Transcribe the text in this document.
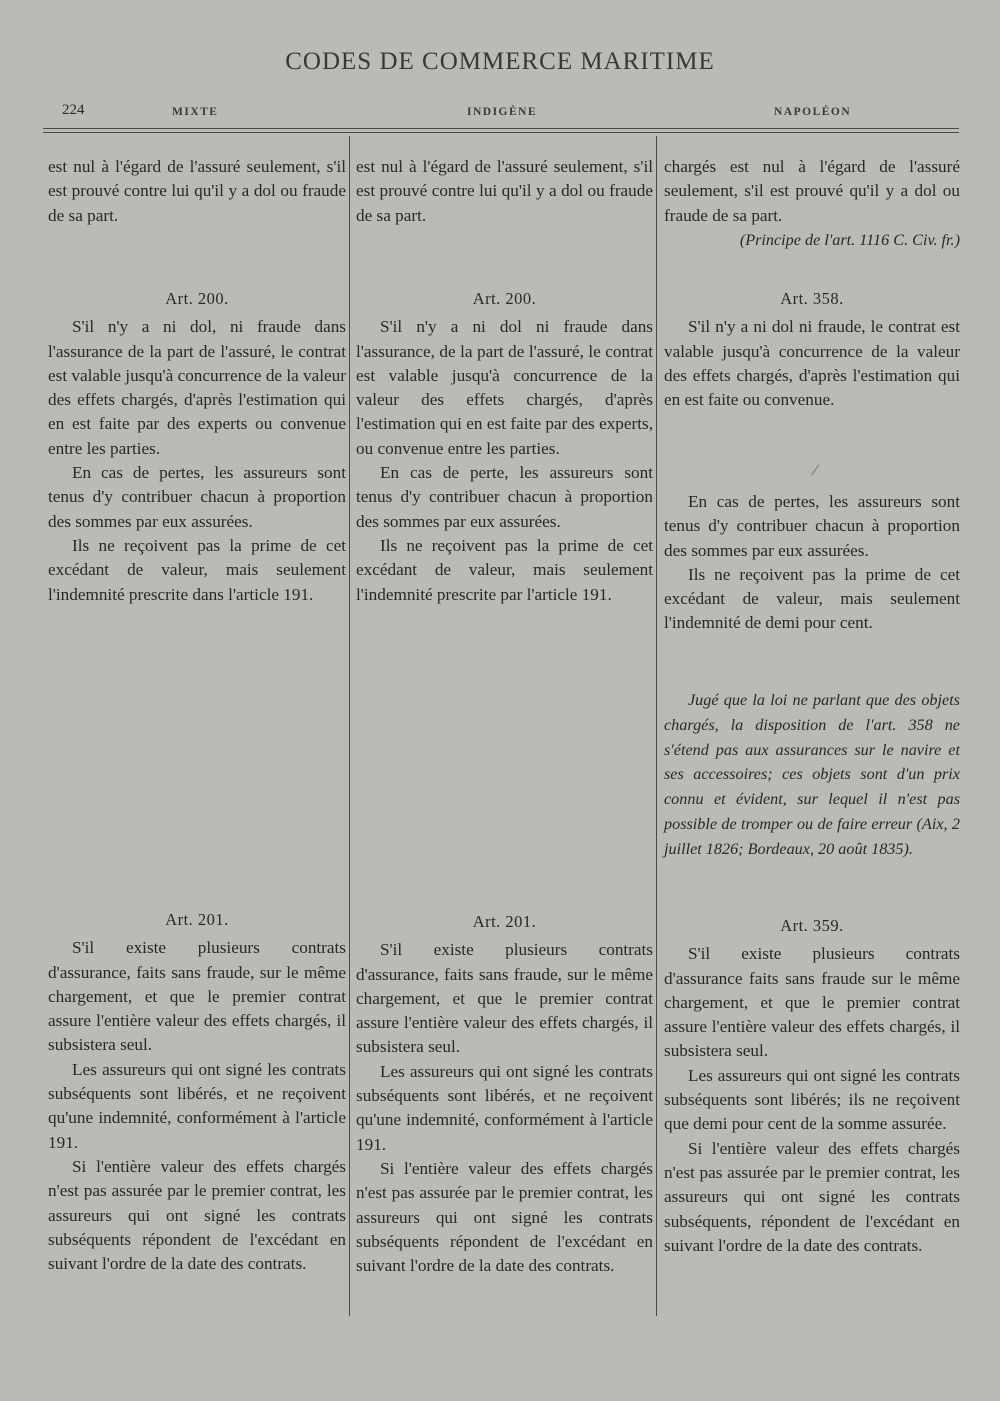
CODES DE COMMERCE MARITIME
224	MIXTE	INDIGÈNE	NAPOLÉON

est nul à l'égard de l'assuré seulement, s'il est prouvé contre lui qu'il y a dol ou fraude de sa part.

Art. 200.

S'il n'y a ni dol, ni fraude dans l'assurance de la part de l'assuré, le contrat est valable jusqu'à concurrence de la valeur des effets chargés, d'après l'estimation qui en est faite par des experts ou convenue entre les parties.

En cas de pertes, les assureurs sont tenus d'y contribuer chacun à proportion des sommes par eux assurées.

Ils ne reçoivent pas la prime de cet excédant de valeur, mais seulement l'indemnité prescrite dans l'article 191.

Art. 201.

S'il existe plusieurs contrats d'assurance, faits sans fraude, sur le même chargement, et que le premier contrat assure l'entière valeur des effets chargés, il subsistera seul.

Les assureurs qui ont signé les contrats subséquents sont libérés, et ne reçoivent qu'une indemnité, conformément à l'article 191.

Si l'entière valeur des effets chargés n'est pas assurée par le premier contrat, les assureurs qui ont signé les contrats subséquents répondent de l'excédant en suivant l'ordre de la date des contrats.

est nul à l'égard de l'assuré seulement, s'il est prouvé contre lui qu'il y a dol ou fraude de sa part.

Art. 200.

S'il n'y a ni dol ni fraude dans l'assurance, de la part de l'assuré, le contrat est valable jusqu'à concurrence de la valeur des effets chargés, d'après l'estimation qui en est faite par des experts, ou convenue entre les parties.

En cas de perte, les assureurs sont tenus d'y contribuer chacun à proportion des sommes par eux assurées.

Ils ne reçoivent pas la prime de cet excédant de valeur, mais seulement l'indemnité prescrite par l'article 191.

Art. 201.

S'il existe plusieurs contrats d'assurance, faits sans fraude, sur le même chargement, et que le premier contrat assure l'entière valeur des effets chargés, il subsistera seul.

Les assureurs qui ont signé les contrats subséquents sont libérés, et ne reçoivent qu'une indemnité, conformément à l'article 191.

Si l'entière valeur des effets chargés n'est pas assurée par le premier contrat, les assureurs qui ont signé les contrats subséquents répondent de l'excédant en suivant l'ordre de la date des contrats.

chargés est nul à l'égard de l'assuré seulement, s'il est prouvé qu'il y a dol ou fraude de sa part.

(Principe de l'art. 1116 C. Civ. fr.)

Art. 358.

S'il n'y a ni dol ni fraude, le contrat est valable jusqu'à concurrence de la valeur des effets chargés, d'après l'estimation qui en est faite ou convenue.

⁄

En cas de pertes, les assureurs sont tenus d'y contribuer chacun à proportion des sommes par eux assurées.

Ils ne reçoivent pas la prime de cet excédant de valeur, mais seulement l'indemnité de demi pour cent.

Jugé que la loi ne parlant que des objets chargés, la disposition de l'art. 358 ne s'étend pas aux assurances sur le navire et ses accessoires; ces objets sont d'un prix connu et évident, sur lequel il n'est pas possible de tromper ou de faire erreur (Aix, 2 juillet 1826; Bordeaux, 20 août 1835).

Art. 359.

S'il existe plusieurs contrats d'assurance faits sans fraude sur le même chargement, et que le premier contrat assure l'entière valeur des effets chargés, il subsistera seul.

Les assureurs qui ont signé les contrats subséquents sont libérés; ils ne reçoivent que demi pour cent de la somme assurée.

Si l'entière valeur des effets chargés n'est pas assurée par le premier contrat, les assureurs qui ont signé les contrats subséquents, répondent de l'excédant en suivant l'ordre de la date des contrats.
